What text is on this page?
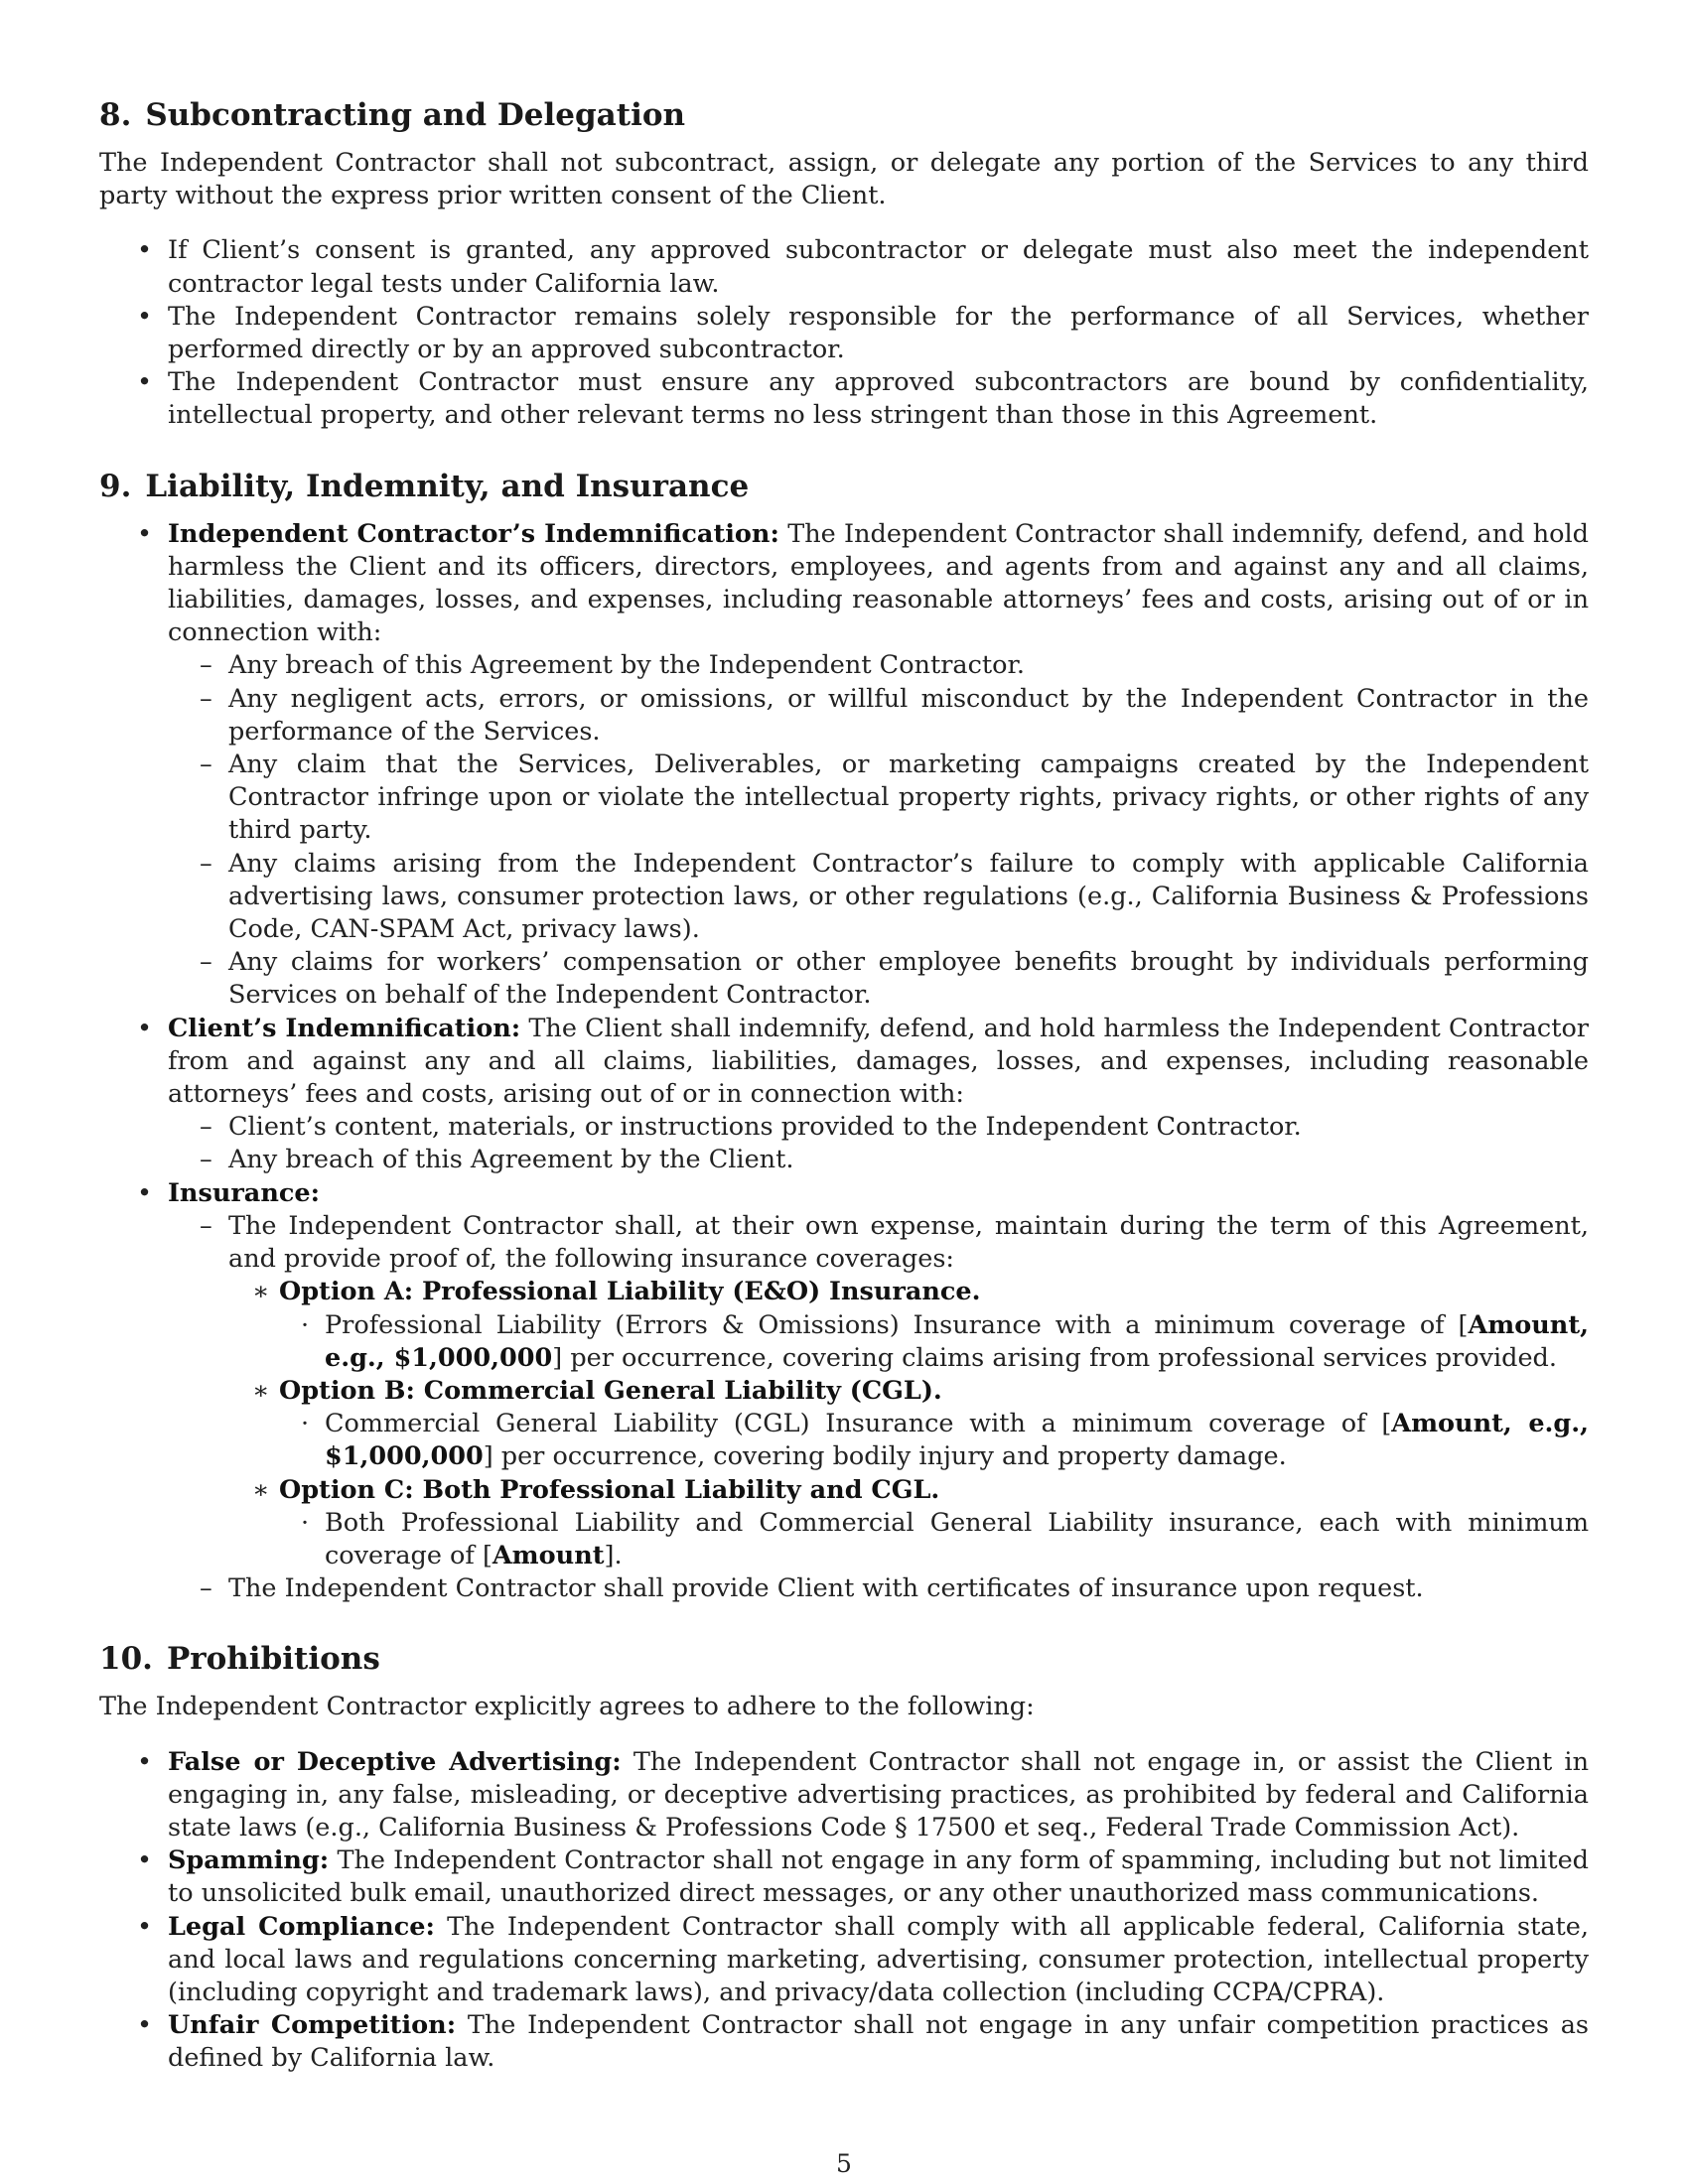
8. Subcontracting and Delegation

The Independent Contractor shall not subcontract, assign, or delegate any portion of the Services to any third party without the express prior written consent of the Client.

• If Client’s consent is granted, any approved subcontractor or delegate must also meet the independent contractor legal tests under California law.
• The Independent Contractor remains solely responsible for the performance of all Services, whether performed directly or by an approved subcontractor.
• The Independent Contractor must ensure any approved subcontractors are bound by confidentiality, intellectual property, and other relevant terms no less stringent than those in this Agreement.
9. Liability, Indemnity, and Insurance
• Independent Contractor’s Indemnification: The Independent Contractor shall indemnify, defend, and hold harmless the Client and its officers, directors, employees, and agents from and against any and all claims, liabilities, damages, losses, and expenses, including reasonable attorneys’ fees and costs, arising out of or in connection with:
– Any breach of this Agreement by the Independent Contractor.
– Any negligent acts, errors, or omissions, or willful misconduct by the Independent Contractor in the performance of the Services.
– Any claim that the Services, Deliverables, or marketing campaigns created by the Independent Contractor infringe upon or violate the intellectual property rights, privacy rights, or other rights of any third party.
– Any claims arising from the Independent Contractor’s failure to comply with applicable California advertising laws, consumer protection laws, or other regulations (e.g., California Business & Professions Code, CAN-SPAM Act, privacy laws).
– Any claims for workers’ compensation or other employee benefits brought by individuals performing Services on behalf of the Independent Contractor.
• Client’s Indemnification: The Client shall indemnify, defend, and hold harmless the Independent Contractor from and against any and all claims, liabilities, damages, losses, and expenses, including reasonable attorneys’ fees and costs, arising out of or in connection with:
– Client’s content, materials, or instructions provided to the Independent Contractor.
– Any breach of this Agreement by the Client.
• Insurance:
– The Independent Contractor shall, at their own expense, maintain during the term of this Agreement, and provide proof of, the following insurance coverages:
∗ Option A: Professional Liability (E&O) Insurance.
· Professional Liability (Errors & Omissions) Insurance with a minimum coverage of [Amount, e.g., $1,000,000] per occurrence, covering claims arising from professional services provided.
∗ Option B: Commercial General Liability (CGL).
· Commercial General Liability (CGL) Insurance with a minimum coverage of [Amount, e.g., $1,000,000] per occurrence, covering bodily injury and property damage.
∗ Option C: Both Professional Liability and CGL.
· Both Professional Liability and Commercial General Liability insurance, each with minimum coverage of [Amount].
– The Independent Contractor shall provide Client with certificates of insurance upon request.
10. Prohibitions

The Independent Contractor explicitly agrees to adhere to the following:

• False or Deceptive Advertising: The Independent Contractor shall not engage in, or assist the Client in engaging in, any false, misleading, or deceptive advertising practices, as prohibited by federal and California state laws (e.g., California Business & Professions Code § 17500 et seq., Federal Trade Commission Act).
• Spamming: The Independent Contractor shall not engage in any form of spamming, including but not limited to unsolicited bulk email, unauthorized direct messages, or any other unauthorized mass communications.
• Legal Compliance: The Independent Contractor shall comply with all applicable federal, California state, and local laws and regulations concerning marketing, advertising, consumer protection, intellectual property (including copyright and trademark laws), and privacy/data collection (including CCPA/CPRA).
• Unfair Competition: The Independent Contractor shall not engage in any unfair competition practices as defined by California law.
5
